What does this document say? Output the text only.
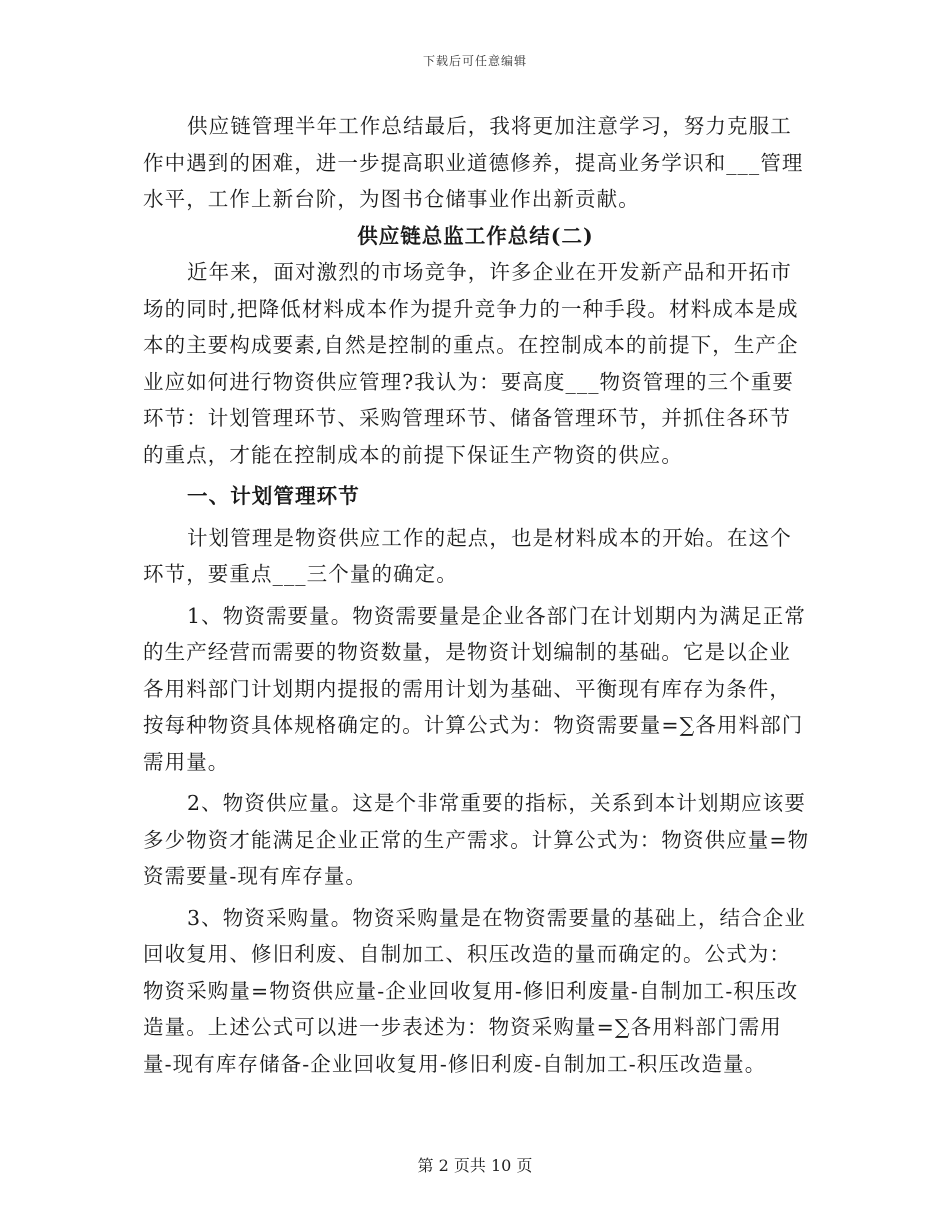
下载后可任意编辑
供应链管理半年工作总结最后，我将更加注意学习，努力克服工
作中遇到的困难，进一步提高职业道德修养，提高业务学识和___管理
水平，工作上新台阶，为图书仓储事业作出新贡献。
供应链总监工作总结(二)
近年来，面对激烈的市场竞争，许多企业在开发新产品和开拓市
场的同时,把降低材料成本作为提升竞争力的一种手段。材料成本是成
本的主要构成要素,自然是控制的重点。在控制成本的前提下，生产企
业应如何进行物资供应管理?我认为：要高度___物资管理的三个重要
环节：计划管理环节、采购管理环节、储备管理环节，并抓住各环节
的重点，才能在控制成本的前提下保证生产物资的供应。
一、计划管理环节
计划管理是物资供应工作的起点，也是材料成本的开始。在这个
环节，要重点___三个量的确定。
1、物资需要量。物资需要量是企业各部门在计划期内为满足正常
的生产经营而需要的物资数量，是物资计划编制的基础。它是以企业
各用料部门计划期内提报的需用计划为基础、平衡现有库存为条件，
按每种物资具体规格确定的。计算公式为：物资需要量=∑各用料部门
需用量。
2、物资供应量。这是个非常重要的指标，关系到本计划期应该要
多少物资才能满足企业正常的生产需求。计算公式为：物资供应量=物
资需要量-现有库存量。
3、物资采购量。物资采购量是在物资需要量的基础上，结合企业
回收复用、修旧利废、自制加工、积压改造的量而确定的。公式为：
物资采购量=物资供应量-企业回收复用-修旧利废量-自制加工-积压改
造量。上述公式可以进一步表述为：物资采购量=∑各用料部门需用
量-现有库存储备-企业回收复用-修旧利废-自制加工-积压改造量。
第 2 页共 10 页
